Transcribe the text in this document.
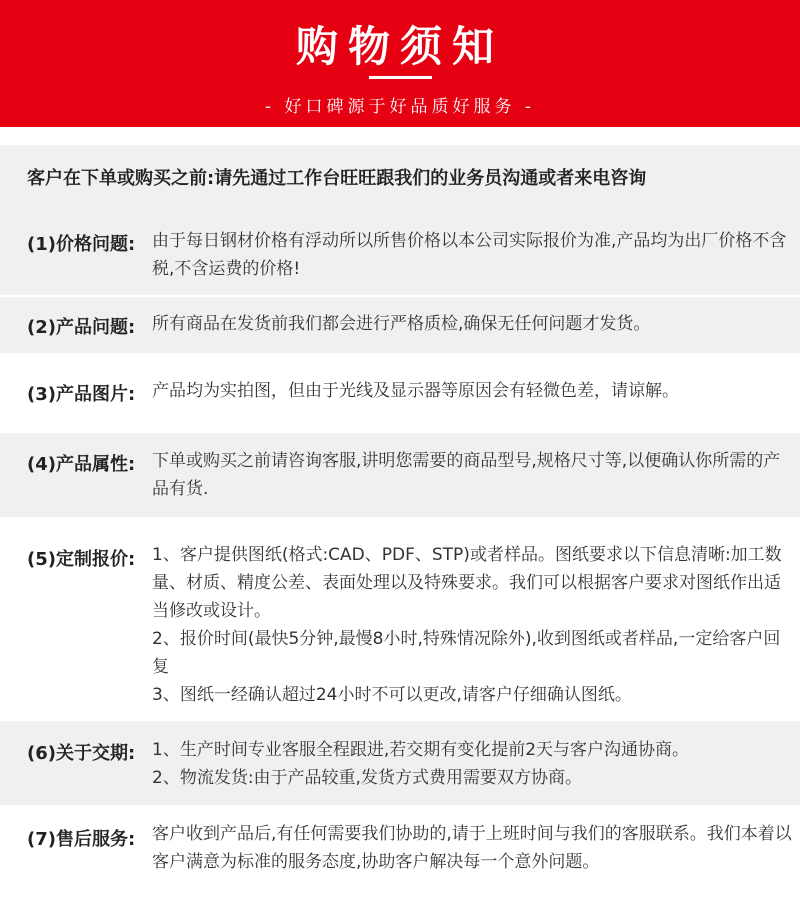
购物须知
- 好口碑源于好品质好服务 -
客户在下单或购买之前:请先通过工作台旺旺跟我们的业务员沟通或者来电咨询
(1)价格问题: 由于每日钢材价格有浮动所以所售价格以本公司实际报价为准,产品均为出厂价格不含税,不含运费的价格!

(2)产品问题: 所有商品在发货前我们都会进行严格质检,确保无任何问题才发货。

(3)产品图片: 产品均为实拍图，但由于光线及显示器等原因会有轻微色差，请谅解。

(4)产品属性: 下单或购买之前请咨询客服,讲明您需要的商品型号,规格尺寸等,以便确认你所需的产品有货.

(5)定制报价: 1、客户提供图纸(格式:CAD、PDF、STP)或者样品。图纸要求以下信息清晰:加工数量、材质、精度公差、表面处理以及特殊要求。我们可以根据客户要求对图纸作出适当修改或设计。

2、报价时间(最快5分钟,最慢8小时,特殊情况除外),收到图纸或者样品,一定给客户回复

3、图纸一经确认超过24小时不可以更改,请客户仔细确认图纸。

(6)关于交期: 1、生产时间专业客服全程跟进,若交期有变化提前2天与客户沟通协商。

2、物流发货:由于产品较重,发货方式费用需要双方协商。

(7)售后服务: 客户收到产品后,有任何需要我们协助的,请于上班时间与我们的客服联系。我们本着以客户满意为标准的服务态度,协助客户解决每一个意外问题。
